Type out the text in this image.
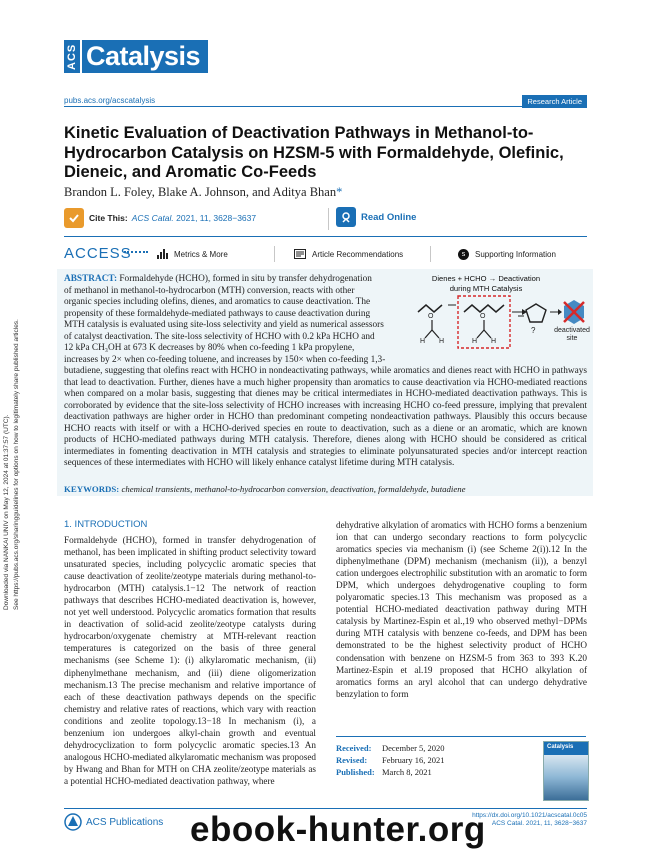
Downloaded via NANKAI UNIV on May 12, 2024 at 01:37:57 (UTC). See https://pubs.acs.org/sharingguidelines for options on how to legitimately share published articles.
ACS Catalysis
pubs.acs.org/acscatalysis	Research Article
Kinetic Evaluation of Deactivation Pathways in Methanol-to-Hydrocarbon Catalysis on HZSM-5 with Formaldehyde, Olefinic, Dieneic, and Aromatic Co-Feeds
Brandon L. Foley, Blake A. Johnson, and Aditya Bhan*
Cite This: ACS Catal.
2021, 11, 3628−3637	Read Online
ACCESS	Metrics & More	Article Recommendations	s Supporting Information
ABSTRACT: Formaldehyde (HCHO), formed in situ by transfer dehydrogenation
of methanol in methanol-to-hydrocarbon (MTH) conversion, reacts with other
organic species including olefins, dienes, and aromatics to cause deactivation. The
propensity of these formaldehyde-mediated pathways to cause deactivation during
MTH catalysis is evaluated using site-loss selectivity and yield as numerical assessors
of catalyst deactivation. The site-loss selectivity of HCHO with 0.2 kPa HCHO and
12 kPa CH₃OH at 673 K decreases by 80% when co-feeding 1 kPa propylene,
increases by 2× when co-feeding toluene, and increases by 150× when co-feeding 1,3-
butadiene, suggesting that olefins react with HCHO in nondeactivating pathways, while aromatics and dienes react with HCHO in pathways that lead to deactivation. Further, dienes have a much higher propensity than aromatics to cause deactivation via HCHO-mediated reactions when compared on a molar basis, suggesting that dienes may be critical intermediates in HCHO-mediated deactivation pathways. This is corroborated by evidence that the site-loss selectivity of HCHO increases with increasing HCHO co-feed pressure, implying that prevalent deactivation pathways are higher order in HCHO than predominant competing nondeactivation pathways. Plausibly this occurs because HCHO reacts with itself or with a HCHO-derived species en route to deactivation, such as a diene or an aromatic, which are known products of HCHO-mediated pathways during MTH catalysis. Therefore, dienes along with HCHO should be considered as critical intermediates in fomenting deactivation in MTH catalysis and strategies to eliminate polyunsaturated species and/or intercept reaction sequences of these intermediates with HCHO will likely enhance catalyst lifetime during MTH catalysis.
Dienes + HCHO → Deactivation
during MTH Catalysis
O
H H
O
H H
?	deactivated
site
KEYWORDS: chemical transients, methanol-to-hydrocarbon conversion, deactivation, formaldehyde, butadiene
1. INTRODUCTION
Formaldehyde (HCHO), formed in transfer dehydrogenation of methanol, has been implicated in shifting product selectivity toward unsaturated species, including polycyclic aromatic species that cause deactivation of zeolite/zeotype materials during methanol-to-hydrocarbon (MTH) catalysis.1−12 The network of reaction pathways that describes HCHO-mediated deactivation is, however, not yet well understood. Polycyclic aromatics formation that results in deactivation of solid-acid zeolite/zeotype catalysts during hydrocarbon/oxygenate chemistry at MTH-relevant reaction temperatures is categorized on the basis of three general mechanisms (see Scheme 1): (i) alkylaromatic mechanism, (ii) diphenylmethane mechanism, and (iii) diene oligomerization mechanism.13 The precise mechanism and relative importance of each of these deactivation pathways depends on the specific chemistry and relative rates of reactions, which vary with reaction conditions and zeolite topology.13−18 In mechanism (i), a benzenium ion undergoes alkyl-chain growth and eventual dehydrocyclization to form polycyclic aromatic species.13 An analogous HCHO-mediated alkylaromatic mechanism was proposed by Hwang and Bhan for MTH on CHA zeolite/zeotype materials as a potential HCHO-mediated deactivation pathway, where
dehydrative alkylation of aromatics with HCHO forms a benzenium ion that can undergo secondary reactions to form polycyclic aromatics species via mechanism (i) (see Scheme 2(i)).12 In the diphenylmethane (DPM) mechanism (mechanism (ii)), a benzyl cation undergoes electrophilic substitution with an aromatic to form DPM, which undergoes dehydrogenative coupling to form polyaromatic species.13 This mechanism was proposed as a potential HCHO-mediated deactivation pathway during MTH catalysis by Martinez-Espin et al.,19 who observed methyl−DPMs during MTH catalysis with benzene co-feeds, and DPM has been demonstrated to be the highest selectivity product of HCHO condensation with benzene on HZSM-5 from 363 to 393 K.20 Martinez-Espin et al.19 proposed that HCHO alkylation of aromatics forms an aryl alcohol that can undergo dehydrative benzylation to form
Received: December 5, 2020
Revised: February 16, 2021
Published: March 8, 2021
Catalysis
ACS Publications
https://dx.doi.org/10.1021/acscatal.0c05
ACS Catal. 2021, 11, 3628−3637
ebook-hunter.org
